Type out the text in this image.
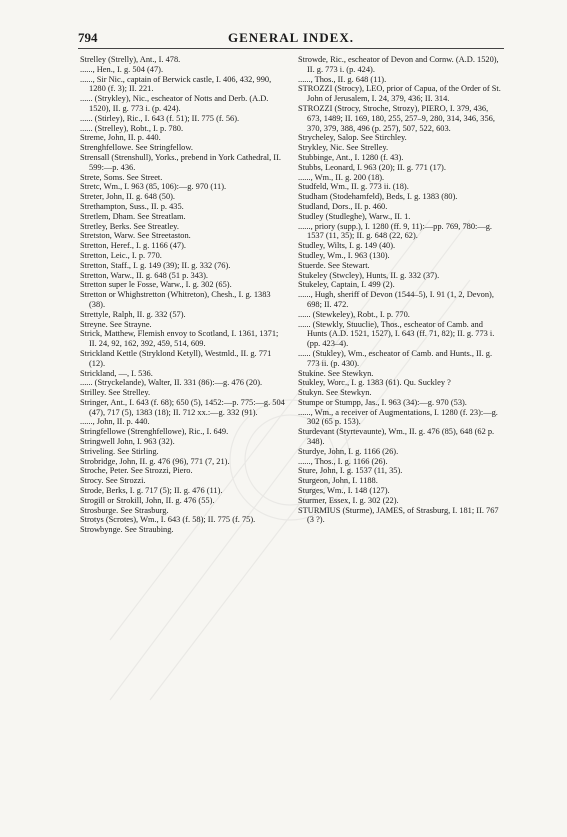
794	GENERAL INDEX.

Strelley (Strelly), Ant., I. 478.

......, Hen., I. g. 504 (47).

......, Sir Nic., captain of Berwick castle, I. 406, 432, 990, 1280 (f. 3); II. 221.

...... (Strykley), Nic., escheator of Notts and Derb. (A.D. 1520), II. g. 773 i. (p. 424).

...... (Stirley), Ric., I. 643 (f. 51); II. 775 (f. 56).

...... (Strelley), Robt., I. p. 780.

Streme, John, II. p. 440.

Strenghfellowe. See Stringfellow.

Strensall (Strenshull), Yorks., prebend in York Cathedral, II. 599:—p. 436.

Strete, Soms. See Street.

Stretc, Wm., I. 963 (85, 106):—g. 970 (11).

Streter, John, II. g. 648 (50).

Strethampton, Suss., II. p. 435.

Stretlem, Dham. See Streatlam.

Stretley, Berks. See Streatley.

Stretston, Warw. See Streetaston.

Stretton, Heref., I. g. 1166 (47).

Stretton, Leic., I. p. 770.

Stretton, Staff., I. g. 149 (39); II. g. 332 (76).

Stretton, Warw., II. g. 648 (51 p. 343).

Stretton super le Fosse, Warw., I. g. 302 (65).

Stretton or Whighstretton (Whitreton), Chesh., I. g. 1383 (38).

Strettyle, Ralph, II. g. 332 (57).

Streyne. See Strayne.

Strick, Matthew, Flemish envoy to Scotland, I. 1361, 1371; II. 24, 92, 162, 392, 459, 514, 609.

Strickland Kettle (Stryklond Ketyll), Westmld., II. g. 771 (12).

Strickland, —, I. 536.

...... (Stryckelande), Walter, II. 331 (86):—g. 476 (20).

Strilley. See Strelley.

Stringer, Ant., I. 643 (f. 68); 650 (5), 1452:—p. 775:—g. 504 (47), 717 (5), 1383 (18); II. 712 xx.:—g. 332 (91).

......, John, II. p. 440.

Stringfellowe (Strenghfellowe), Ric., I. 649.

Stringwell John, I. 963 (32).

Striveling. See Stirling.

Strobridge, John, II. g. 476 (96), 771 (7, 21).

Stroche, Peter. See Strozzi, Piero.

Strocy. See Strozzi.

Strode, Berks, I. g. 717 (5); II. g. 476 (11).

Strogill or Strokill, John, II. g. 476 (55).

Strosburge. See Strasburg.

Strotys (Scrotes), Wm., I. 643 (f. 58); II. 775 (f. 75).

Strowbynge. See Straubing.

Strowde, Ric., escheator of Devon and Cornw. (A.D. 1520), II. g. 773 i. (p. 424).

......, Thos., II. g. 648 (11).

STROZZI (Strocy), LEO, prior of Capua, of the Order of St. John of Jerusalem, I. 24, 379, 436; II. 314.

STROZZI (Strocy, Stroche, Strozy), PIERO, I. 379, 436, 673, 1489; II. 169, 180, 255, 257–9, 280, 314, 346, 356, 370, 379, 388, 496 (p. 257), 507, 522, 603.

Strycheley, Salop. See Stirchley.

Strykley, Nic. See Strelley.

Stubbinge, Ant., I. 1280 (f. 43).

Stubbs, Leonard, I. 963 (20); II. g. 771 (17).

......, Wm., II. g. 200 (18).

Studfeld, Wm., II. g. 773 ii. (18).

Studham (Stodehamfeld), Beds, I. g. 1383 (80).

Studland, Dors., II. p. 460.

Studley (Studleghe), Warw., II. 1.

......, priory (supp.), I. 1280 (ff. 9, 11):—pp. 769, 780:—g. 1537 (11, 35); II. g. 648 (22, 62).

Studley, Wilts, I. g. 149 (40).

Studley, Wm., I. 963 (130).

Stuerde. See Stewart.

Stukeley (Stwcley), Hunts, II. g. 332 (37).

Stukeley, Captain, I. 499 (2).

......, Hugh, sheriff of Devon (1544–5), I. 91 (1, 2, Devon), 698; II. 472.

...... (Stewkeley), Robt., I. p. 770.

...... (Stewkly, Stuuclie), Thos., escheator of Camb. and Hunts (A.D. 1521, 1527), I. 643 (ff. 71, 82); II. g. 773 i. (pp. 423–4).

...... (Stukley), Wm., escheator of Camb. and Hunts., II. g. 773 ii. (p. 430).

Stukine. See Stewkyn.

Stukley, Worc., I. g. 1383 (61). Qu. Suckley ?

Stukyn. See Stewkyn.

Stumpe or Stumpp, Jas., I. 963 (34):—g. 970 (53).

......, Wm., a receiver of Augmentations, I. 1280 (f. 23):—g. 302 (65 p. 153).

Sturdevant (Styrtevaunte), Wm., II. g. 476 (85), 648 (62 p. 348).

Sturdye, John, I. g. 1166 (26).

......, Thos., I. g. 1166 (26).

Sture, John, I. g. 1537 (11, 35).

Sturgeon, John, I. 1188.

Sturges, Wm., I. 148 (127).

Sturmer, Essex, I. g. 302 (22).

STURMIUS (Sturme), JAMES, of Strasburg, I. 181; II. 767 (3 ?).
